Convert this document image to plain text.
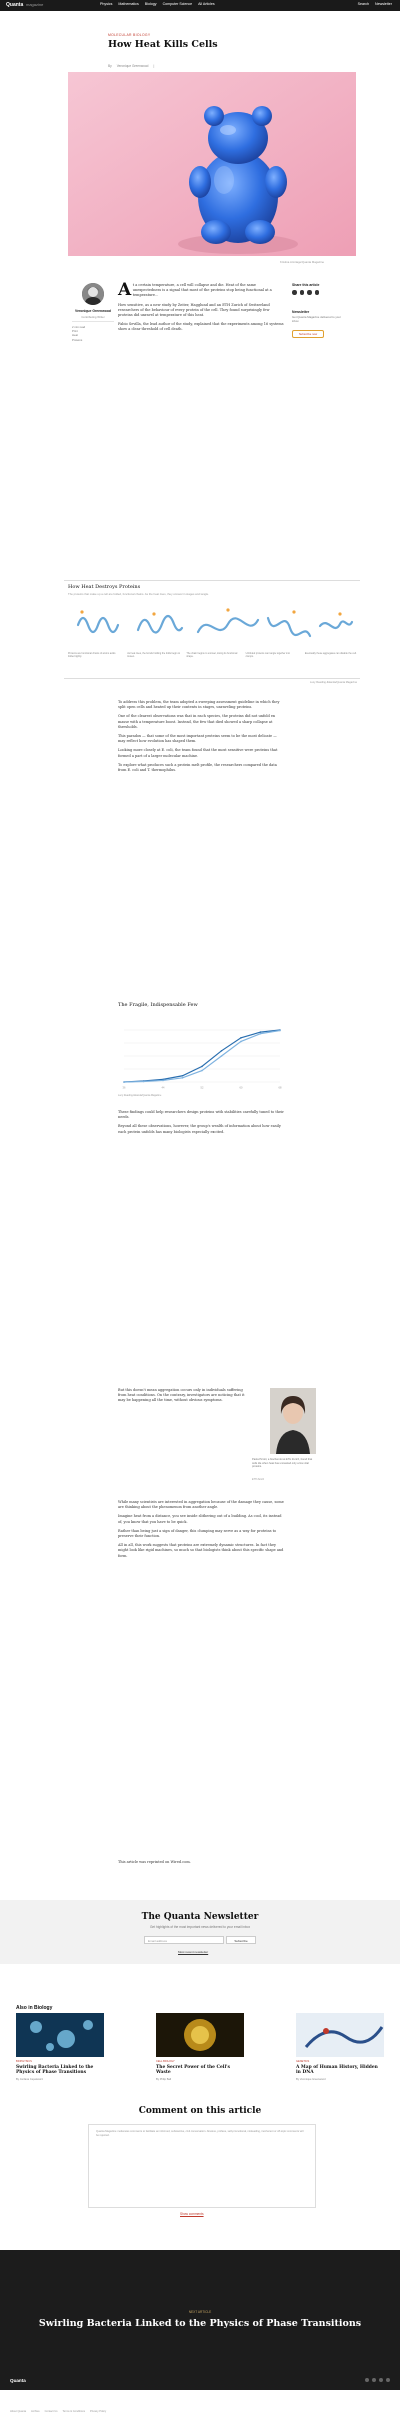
Quanta magazine	Physics Mathematics Biology Computer Science All Articles	Search Newsletter
MOLECULAR BIOLOGY
How Heat Kills Cells
By Veronique Greenwood |
Kristina Armitage/Quanta Magazine
Veronique Greenwood
Contributing Writer
2 min read
Print
Heat
Proteins
Share this article
Newsletter
Get Quanta Magazine delivered to your inbox
Subscribe now

At a certain temperature, a cell will collapse and die. Heat of the same unexpectedness is a signal that most of the proteins stop being functional at a temperature...

How sensitive, as a new study by Zeiter, Hagglund and an ETH Zurich of Switzerland researchers of the behaviour of every protein of the cell. They found surprisingly few proteins did unravel at temperature of this heat.

Fabio Sevilla, the lead author of the study, explained that the experiments among 16 systems show a clear threshold of cell death.

How Heat Destroys Proteins
The proteins that make up a cell are folded, functional chains. As the heat rises, they unravel in stages and tangle.
Proteins are functional chains of amino acids folded tightly.
As heat rises, the bonds holding the folds begin to loosen.
The chain begins to unravel, losing its functional shape.
Unfolded proteins can tangle together into clumps.
Eventually these aggregates can disable the cell.
Lucy Reading-Ikkanda/Quanta Magazine

To address this problem, the team adopted a sweeping assessment guideline in which they split open cells and heated up their contents in stages, unraveling proteins.

One of the clearest observations was that in each species, the proteins did not unfold en masse with a temperature boost. Instead, the few that died showed a sharp collapse at thresholds.

This paradox — that some of the most important proteins seem to be the most delicate — may reflect how evolution has shaped them.

Looking more closely at E. coli, the team found that the most sensitive were proteins that formed a part of a larger molecular machine.

To explore what produces such a protein melt profile, the researchers compared the data from E. coli and T. thermophilus.

The Fragile, Indispensable Few
36	44	52	60	68
Lucy Reading-Ikkanda/Quanta Magazine

These findings could help researchers design proteins with stabilities carefully tuned to their needs.

Beyond all these observations, however, the group's wealth of information about how easily each protein unfolds has many biologists especially excited.

But this doesn't mean aggregation occurs only in individuals suffering from heat conditions. On the contrary, investigators are noticing that it may be happening all the time, without obvious symptoms.

Paola Picotti, a biochemist at ETH Zurich, found that cells die when heat has unraveled only a few vital proteins.
ETH Zurich

While many scientists are interested in aggregation because of the damage they cause, some are thinking about the phenomenon from another angle.

Imagine heat from a distance, you see inside slithering out of a building. As cool, its instead of, you know that you have to be quick.

Rather than being just a sign of danger, this clumping may serve as a way for proteins to preserve their function.

All in all, this work suggests that proteins are extremely dynamic structures. In fact they might look like rigid machines, so much so that biologists think about this specific shape and form.

This article was reprinted on Wired.com.

The Quanta Newsletter
Get highlights of the most important news delivered to your email inbox
Email address	Subscribe
Most recent newsletter
Also in Biology
BIOPHYSICS
Swirling Bacteria Linked to the Physics of Phase Transitions
By Jordana Cepelewicz
CELL BIOLOGY
The Secret Power of the Cell's Waste
By Philip Ball
GENETICS
A Map of Human History, Hidden in DNA
By Veronique Greenwood
Comment on this article
Quanta Magazine moderates comments to facilitate an informed, substantive, civil conversation. Abusive, profane, self-promotional, misleading, incoherent or off-topic comments will be rejected.
Show comments
NEXT ARTICLE
Swirling Bacteria Linked to the Physics of Phase Transitions
Quanta
About Quanta Archive Contact Us Terms & Conditions Privacy Policy
